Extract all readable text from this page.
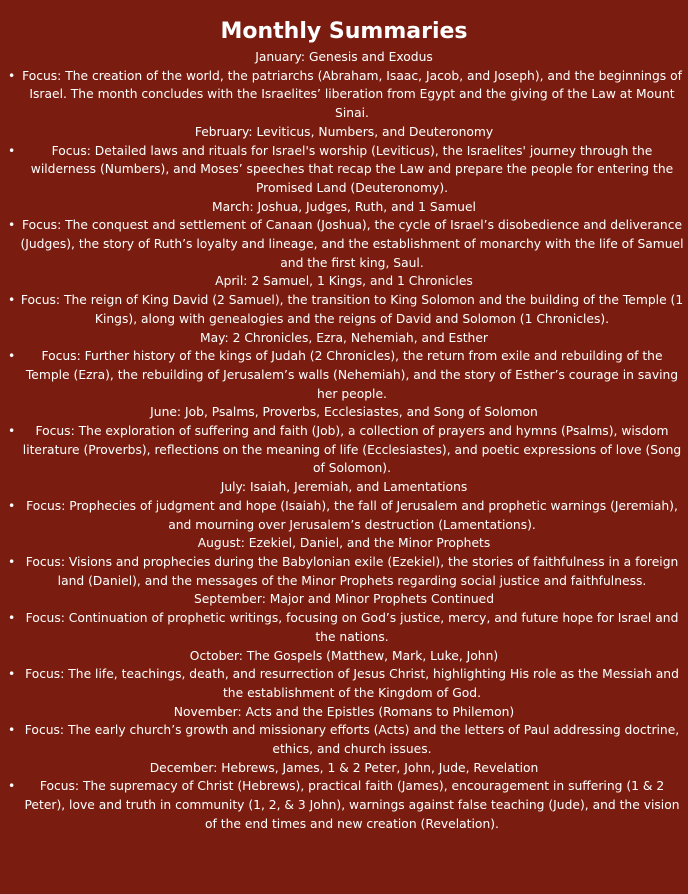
Monthly Summaries
January: Genesis and Exodus
• Focus: The creation of the world, the patriarchs (Abraham, Isaac, Jacob, and Joseph), and the beginnings of Israel. The month concludes with the Israelites’ liberation from Egypt and the giving of the Law at Mount Sinai.
February: Leviticus, Numbers, and Deuteronomy
•	Focus: Detailed laws and rituals for Israel's worship (Leviticus), the Israelites' journey through the wilderness (Numbers), and Moses’ speeches that recap the Law and prepare the people for entering the Promised Land (Deuteronomy).
March: Joshua, Judges, Ruth, and 1 Samuel
• Focus: The conquest and settlement of Canaan (Joshua), the cycle of Israel’s disobedience and deliverance (Judges), the story of Ruth’s loyalty and lineage, and the establishment of monarchy with the life of Samuel and the first king, Saul.
April: 2 Samuel, 1 Kings, and 1 Chronicles
• Focus: The reign of King David (2 Samuel), the transition to King Solomon and the building of the Temple (1 Kings), along with genealogies and the reigns of David and Solomon (1 Chronicles).
May: 2 Chronicles, Ezra, Nehemiah, and Esther
• Focus: Further history of the kings of Judah (2 Chronicles), the return from exile and rebuilding of the Temple (Ezra), the rebuilding of Jerusalem’s walls (Nehemiah), and the story of Esther’s courage in saving her people.
June: Job, Psalms, Proverbs, Ecclesiastes, and Song of Solomon
• Focus: The exploration of suffering and faith (Job), a collection of prayers and hymns (Psalms), wisdom literature (Proverbs), reflections on the meaning of life (Ecclesiastes), and poetic expressions of love (Song of Solomon).
July: Isaiah, Jeremiah, and Lamentations
• Focus: Prophecies of judgment and hope (Isaiah), the fall of Jerusalem and prophetic warnings (Jeremiah), and mourning over Jerusalem’s destruction (Lamentations).
August: Ezekiel, Daniel, and the Minor Prophets
• Focus: Visions and prophecies during the Babylonian exile (Ezekiel), the stories of faithfulness in a foreign land (Daniel), and the messages of the Minor Prophets regarding social justice and faithfulness.
September: Major and Minor Prophets Continued
• Focus: Continuation of prophetic writings, focusing on God’s justice, mercy, and future hope for Israel and the nations.
October: The Gospels (Matthew, Mark, Luke, John)
• Focus: The life, teachings, death, and resurrection of Jesus Christ, highlighting His role as the Messiah and the establishment of the Kingdom of God.
November: Acts and the Epistles (Romans to Philemon)
• Focus: The early church’s growth and missionary efforts (Acts) and the letters of Paul addressing doctrine, ethics, and church issues.
December: Hebrews, James, 1 & 2 Peter, John, Jude, Revelation
• Focus: The supremacy of Christ (Hebrews), practical faith (James), encouragement in suffering (1 & 2 Peter), love and truth in community (1, 2, & 3 John), warnings against false teaching (Jude), and the vision of the end times and new creation (Revelation).
